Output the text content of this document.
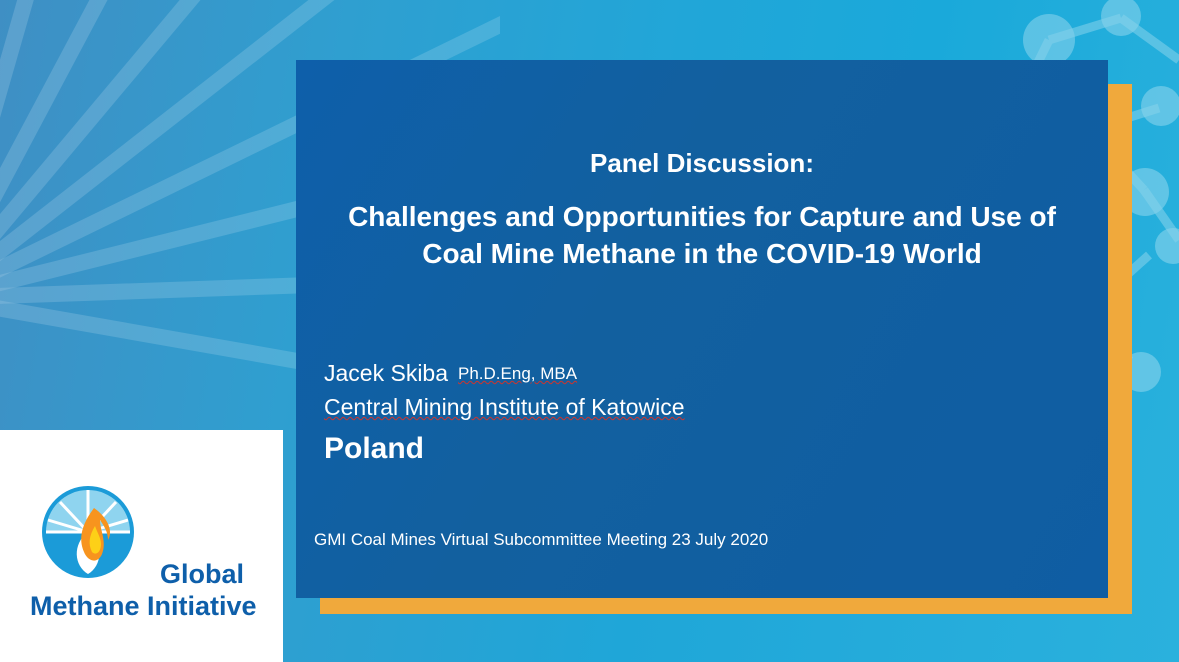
Panel Discussion:
Challenges and Opportunities for Capture and Use of Coal Mine Methane in the COVID-19 World
Jacek Skiba Ph.D.Eng, MBA
Central Mining Institute of Katowice
Poland
GMI Coal Mines Virtual Subcommittee Meeting 23 July 2020
Global
Methane Initiative
